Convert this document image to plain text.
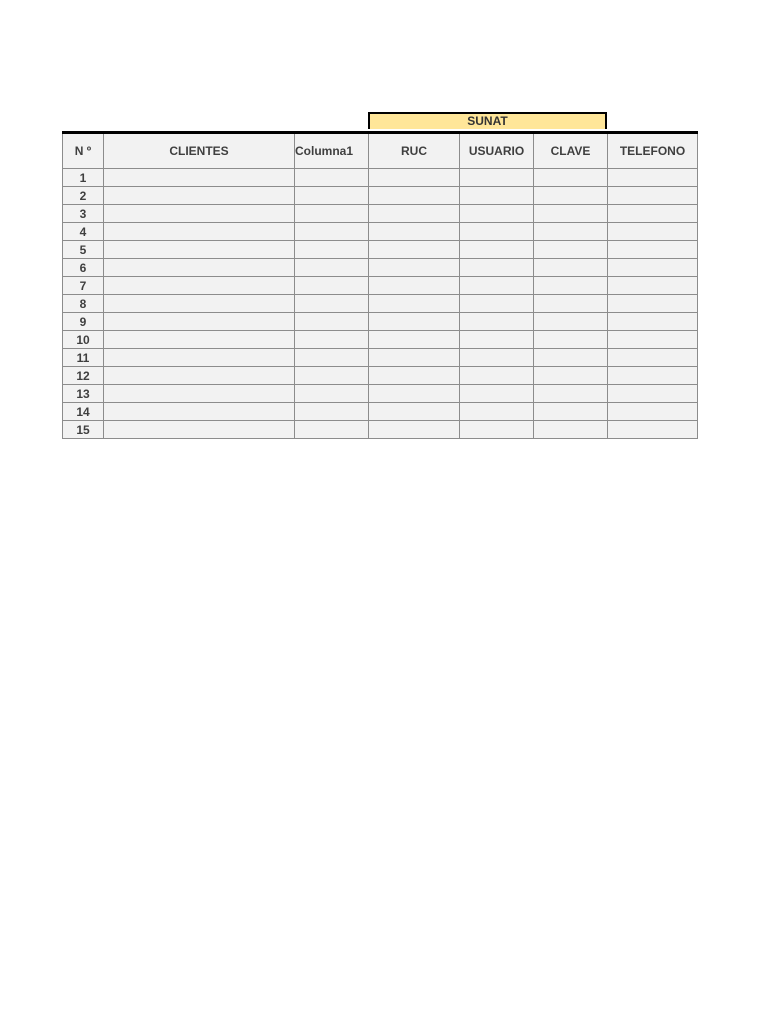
SUNAT
N º	CLIENTES	Columna1	RUC	USUARIO	CLAVE	TELEFONO
1						
2						
3						
4						
5						
6						
7						
8						
9						
10						
11						
12						
13						
14						
15						
